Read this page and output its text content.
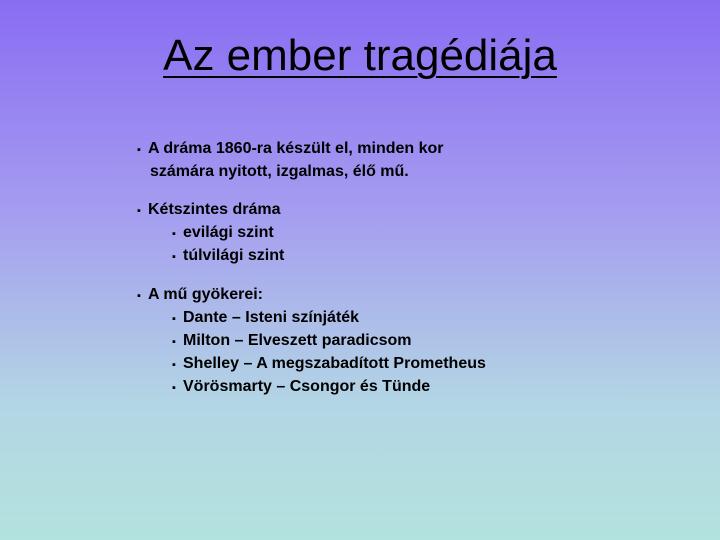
Az ember tragédiája
▪ A dráma 1860-ra készült el, minden kor
számára nyitott, izgalmas, élő mű.
▪ Kétszintes dráma
▪ evilági szint
▪ túlvilági szint
▪ A mű gyökerei:
▪ Dante – Isteni színjáték
▪ Milton – Elveszett paradicsom
▪ Shelley – A megszabadított Prometheus
▪ Vörösmarty – Csongor és Tünde
